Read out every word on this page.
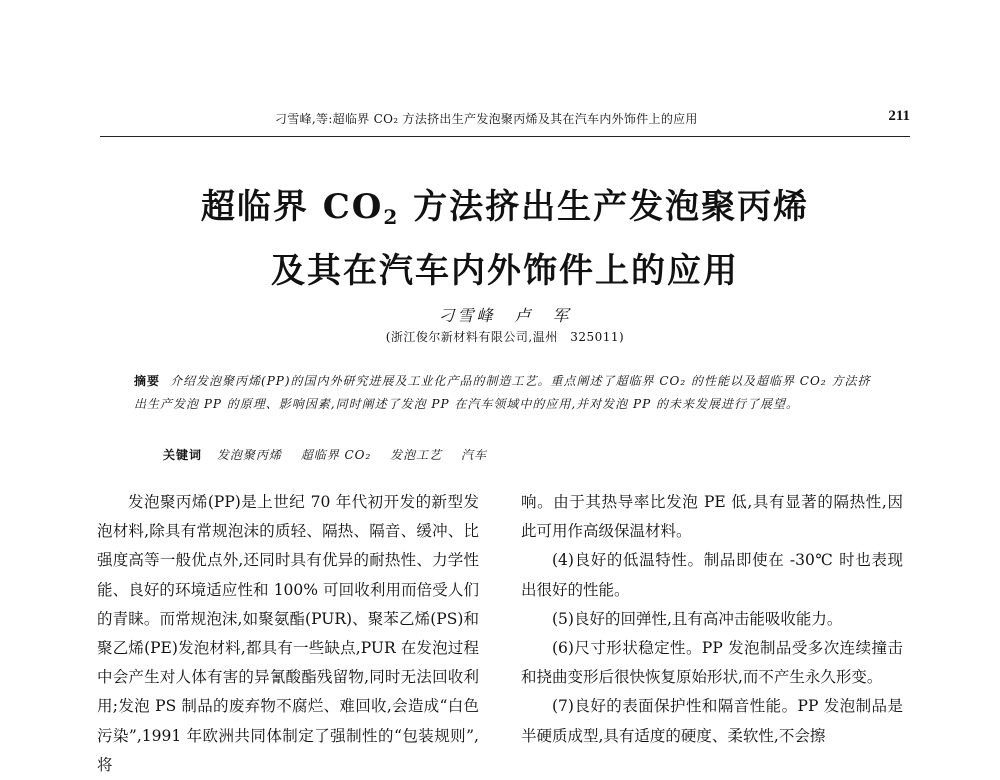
刁雪峰,等:超临界 CO₂ 方法挤出生产发泡聚丙烯及其在汽车内外饰件上的应用	211
超临界 $CO_2$ 方法挤出生产发泡聚丙烯
及其在汽车内外饰件上的应用
刁雪峰　卢　军
(浙江俊尔新材料有限公司,温州　325011)
摘要 介绍发泡聚丙烯(PP)的国内外研究进展及工业化产品的制造工艺。重点阐述了超临界 CO₂ 的性能以及超临界 CO₂ 方法挤出生产发泡 PP 的原理、影响因素,同时阐述了发泡 PP 在汽车领域中的应用,并对发泡 PP 的未来发展进行了展望。
关键词 发泡聚丙烯 超临界 CO₂ 发泡工艺 汽车

发泡聚丙烯(PP)是上世纪 70 年代初开发的新型发泡材料,除具有常规泡沫的质轻、隔热、隔音、缓冲、比强度高等一般优点外,还同时具有优异的耐热性、力学性能、良好的环境适应性和 100% 可回收利用而倍受人们的青睐。而常规泡沫,如聚氨酯(PUR)、聚苯乙烯(PS)和聚乙烯(PE)发泡材料,都具有一些缺点,PUR 在发泡过程中会产生对人体有害的异氰酸酯残留物,同时无法回收利用;发泡 PS 制品的废弃物不腐烂、难回收,会造成“白色污染”,1991 年欧洲共同体制定了强制性的“包装规则”,将

响。由于其热导率比发泡 PE 低,具有显著的隔热性,因此可用作高级保温材料。

(4)良好的低温特性。制品即使在 -30℃ 时也表现出很好的性能。

(5)良好的回弹性,且有高冲击能吸收能力。

(6)尺寸形状稳定性。PP 发泡制品受多次连续撞击和挠曲变形后很快恢复原始形状,而不产生永久形变。

(7)良好的表面保护性和隔音性能。PP 发泡制品是半硬质成型,具有适度的硬度、柔软性,不会擦
